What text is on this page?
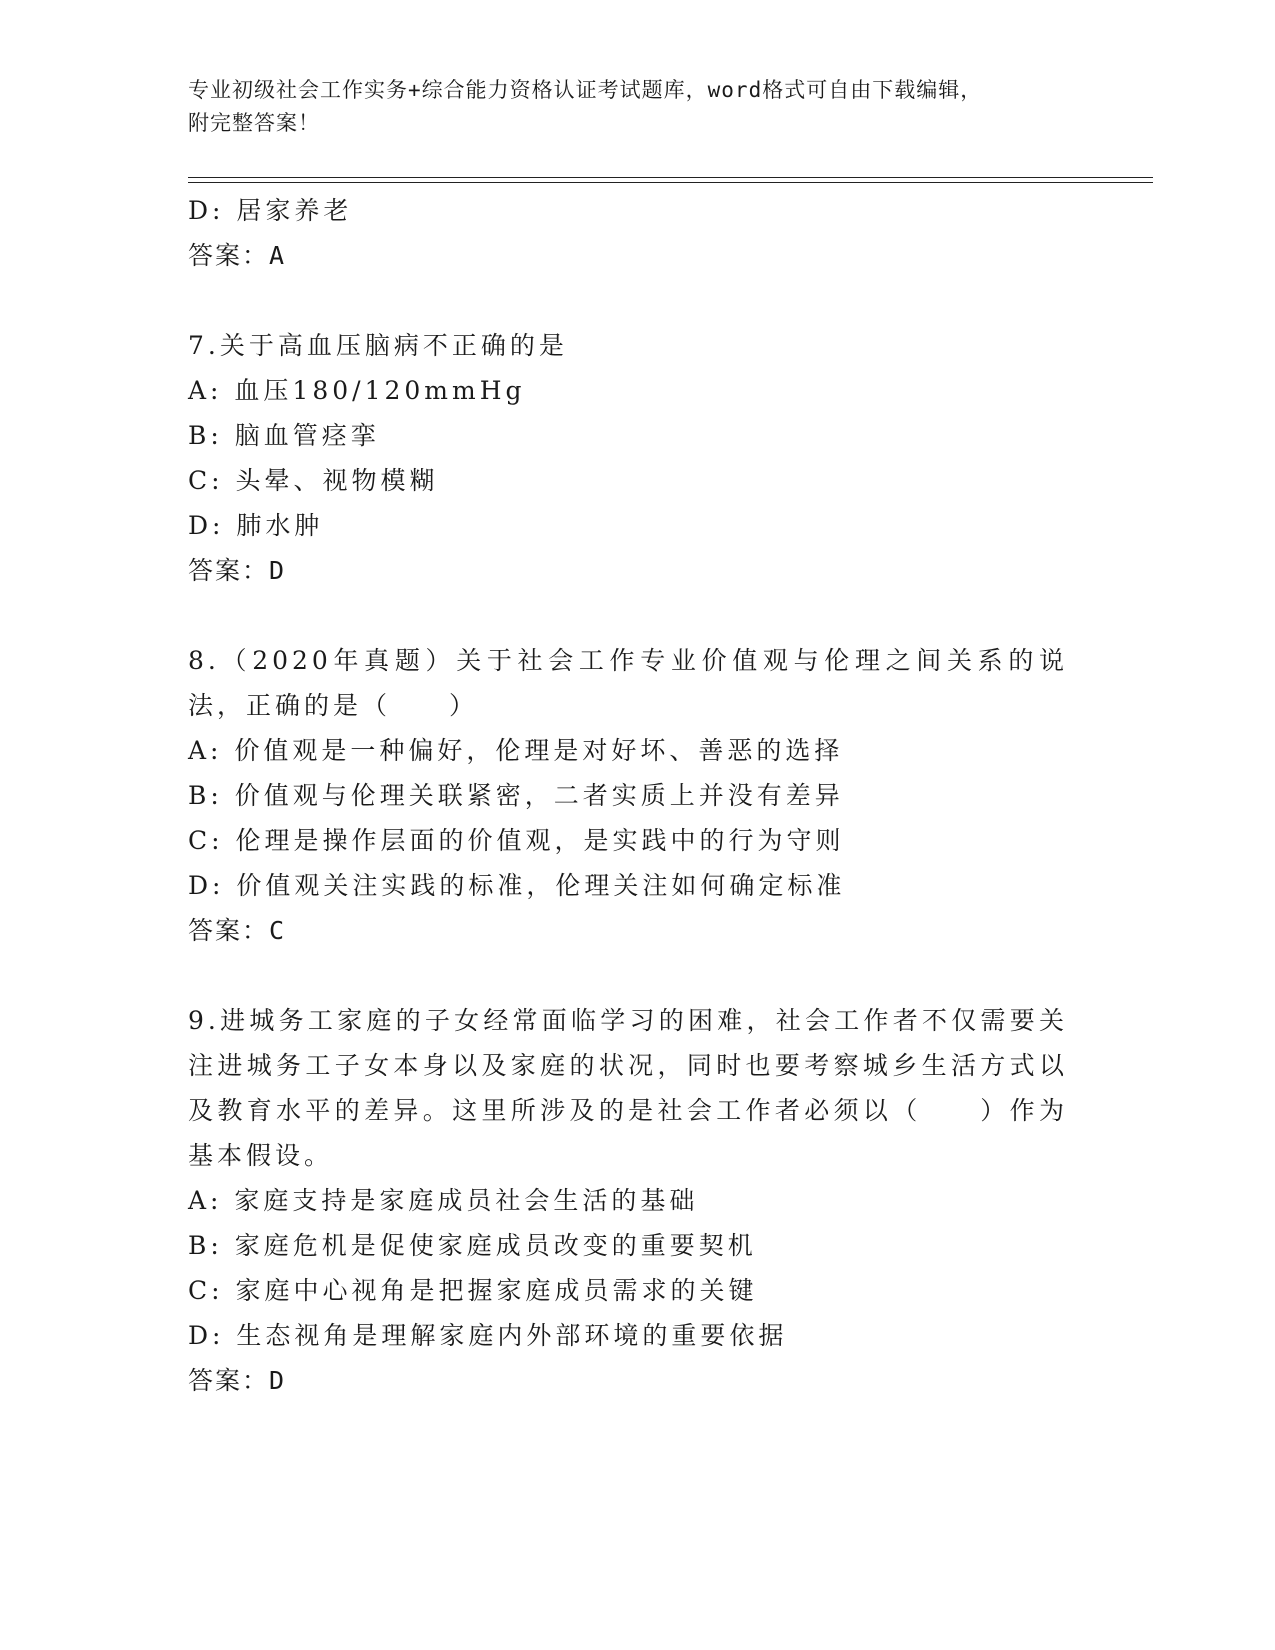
专业初级社会工作实务+综合能力资格认证考试题库，word格式可自由下载编辑，
附完整答案！
D: 居家养老
答案：A
7.关于高血压脑病不正确的是
A: 血压180/120mmHg
B: 脑血管痉挛
C: 头晕、视物模糊
D: 肺水肿
答案：D
8.（2020年真题）关于社会工作专业价值观与伦理之间关系的说法，正确的是（　　）
A: 价值观是一种偏好，伦理是对好坏、善恶的选择
B: 价值观与伦理关联紧密，二者实质上并没有差异
C: 伦理是操作层面的价值观，是实践中的行为守则
D: 价值观关注实践的标准，伦理关注如何确定标准
答案：C
9.进城务工家庭的子女经常面临学习的困难，社会工作者不仅需要关注进城务工子女本身以及家庭的状况，同时也要考察城乡生活方式以及教育水平的差异。这里所涉及的是社会工作者必须以（　　）作为基本假设。
A: 家庭支持是家庭成员社会生活的基础
B: 家庭危机是促使家庭成员改变的重要契机
C: 家庭中心视角是把握家庭成员需求的关键
D: 生态视角是理解家庭内外部环境的重要依据
答案：D
